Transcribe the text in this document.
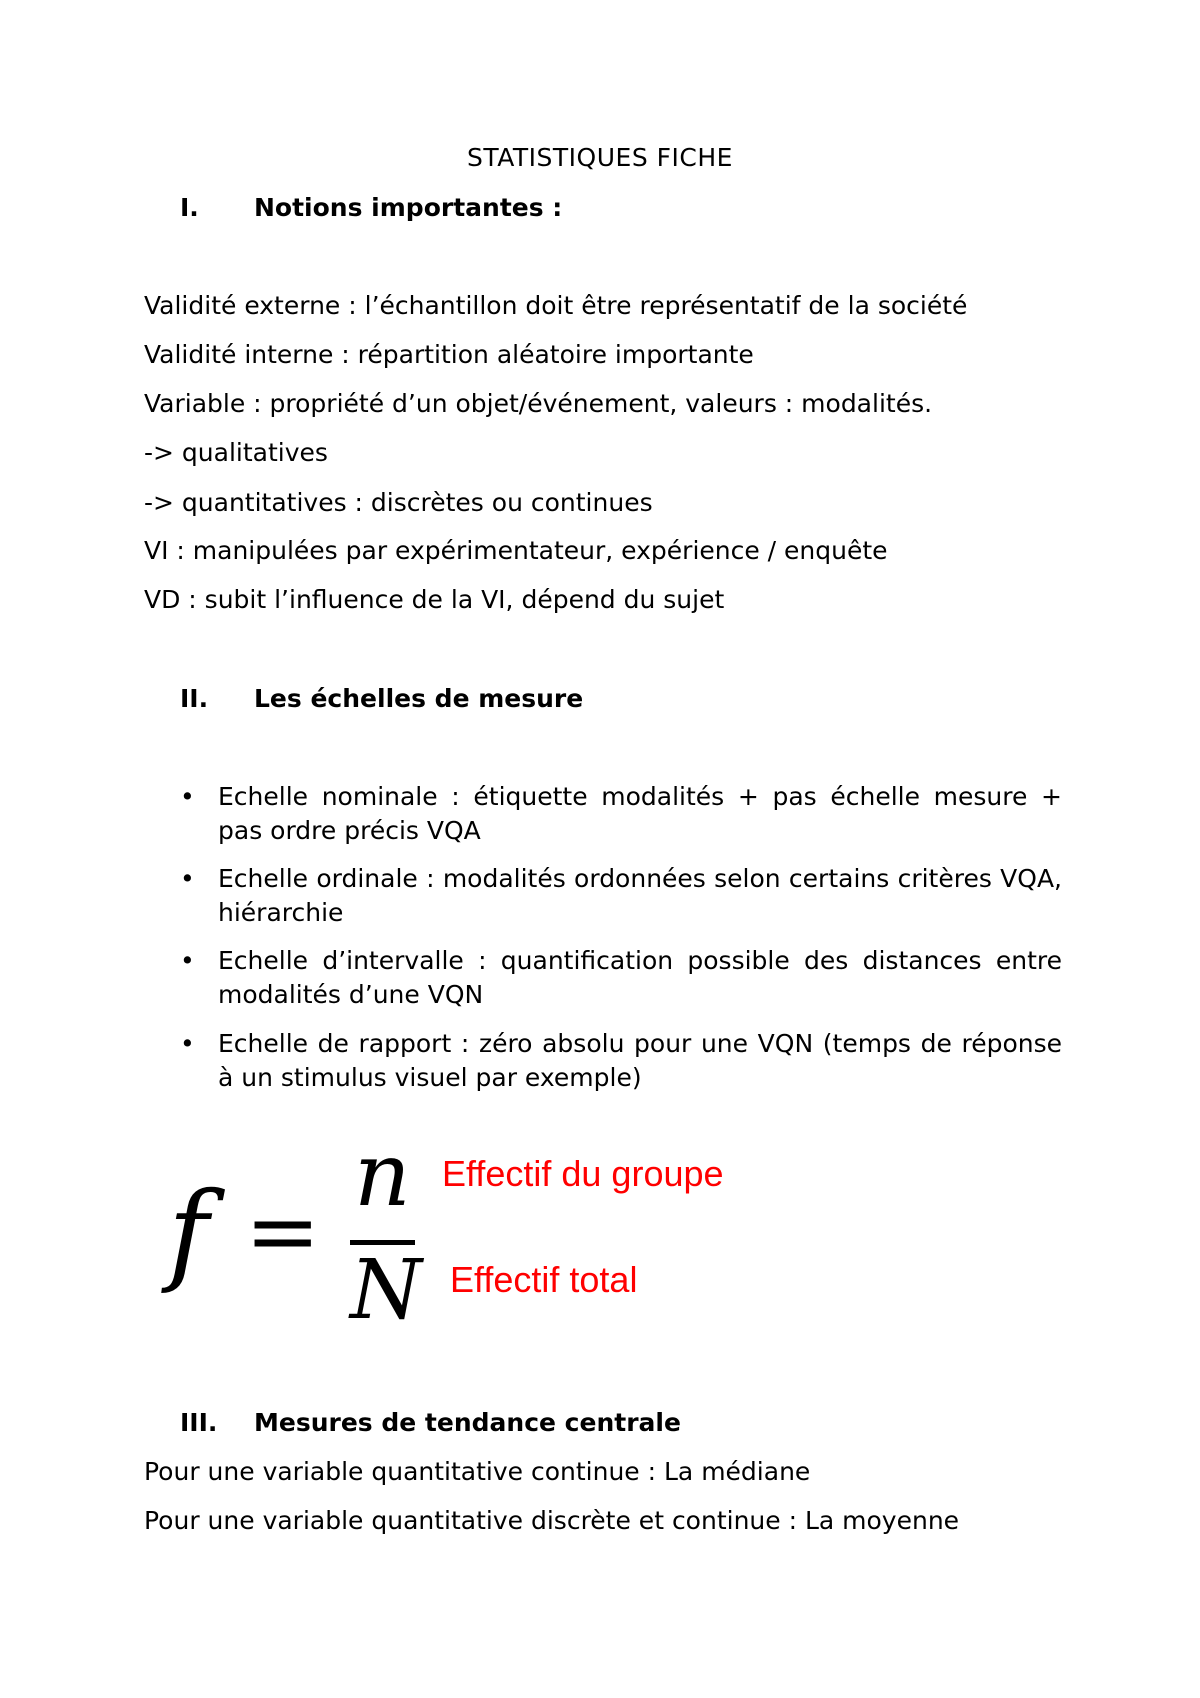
STATISTIQUES FICHE
I. Notions importantes :

Validité externe : l’échantillon doit être représentatif de la société

Validité interne : répartition aléatoire importante

Variable : propriété d’un objet/événement, valeurs : modalités.

-> qualitatives

-> quantitatives : discrètes ou continues

VI : manipulées par expérimentateur, expérience / enquête

VD : subit l’influence de la VI, dépend du sujet

II. Les échelles de mesure
• Echelle nominale : étiquette modalités + pas échelle mesure + pas ordre précis VQA
• Echelle ordinale : modalités ordonnées selon certains critères VQA, hiérarchie
• Echelle d’intervalle : quantification possible des distances entre modalités d’une VQN
• Echelle de rapport : zéro absolu pour une VQN (temps de réponse à un stimulus visuel par exemple)
f =
n
N
Effectif du groupe
Effectif total
III. Mesures de tendance centrale

Pour une variable quantitative continue : La médiane

Pour une variable quantitative discrète et continue : La moyenne
